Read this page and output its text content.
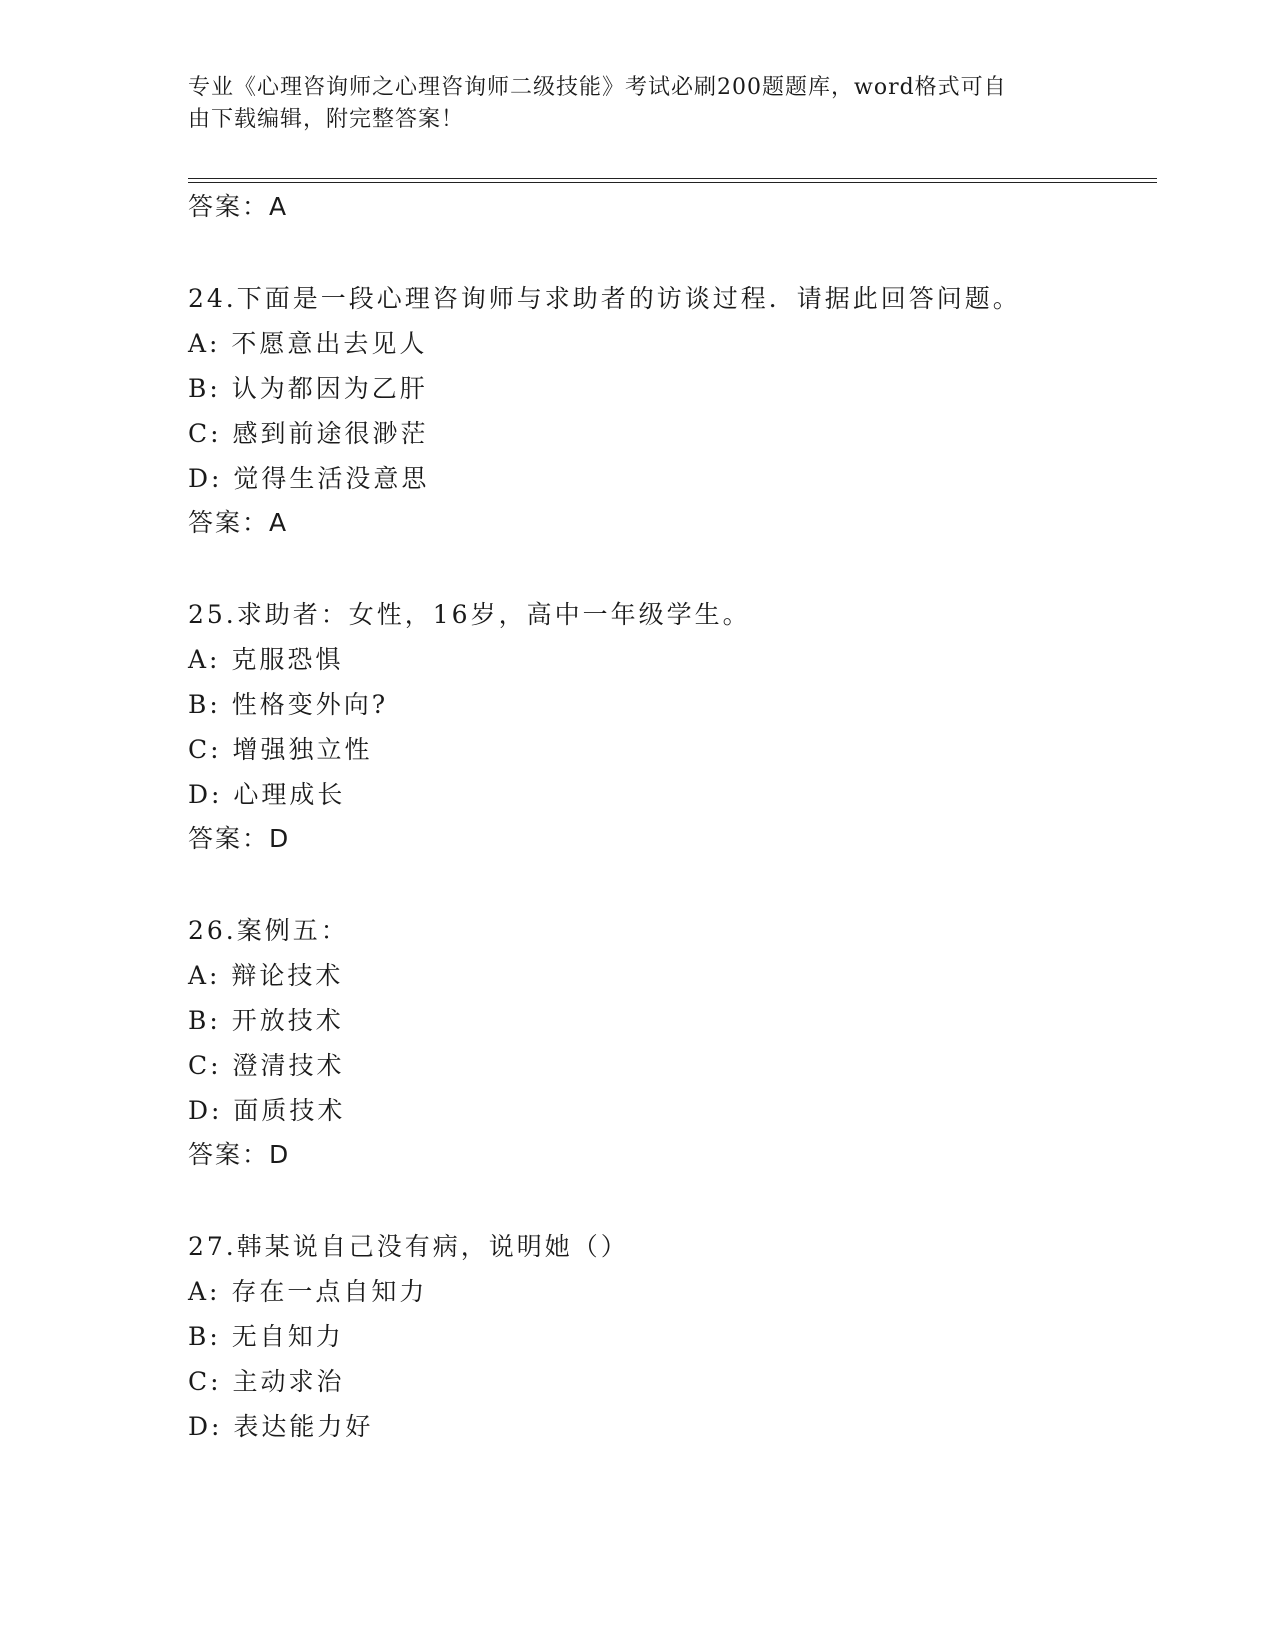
专业《心理咨询师之心理咨询师二级技能》考试必刷200题题库，word格式可自
由下载编辑，附完整答案！
答案：A
24.下面是一段心理咨询师与求助者的访谈过程．请据此回答问题。
A: 不愿意出去见人
B: 认为都因为乙肝
C: 感到前途很渺茫
D: 觉得生活没意思
答案：A
25.求助者：女性，16岁，高中一年级学生。
A: 克服恐惧
B: 性格变外向?
C: 增强独立性
D: 心理成长
答案：D
26.案例五：
A: 辩论技术
B: 开放技术
C: 澄清技术
D: 面质技术
答案：D
27.韩某说自己没有病，说明她（）
A: 存在一点自知力
B: 无自知力
C: 主动求治
D: 表达能力好
